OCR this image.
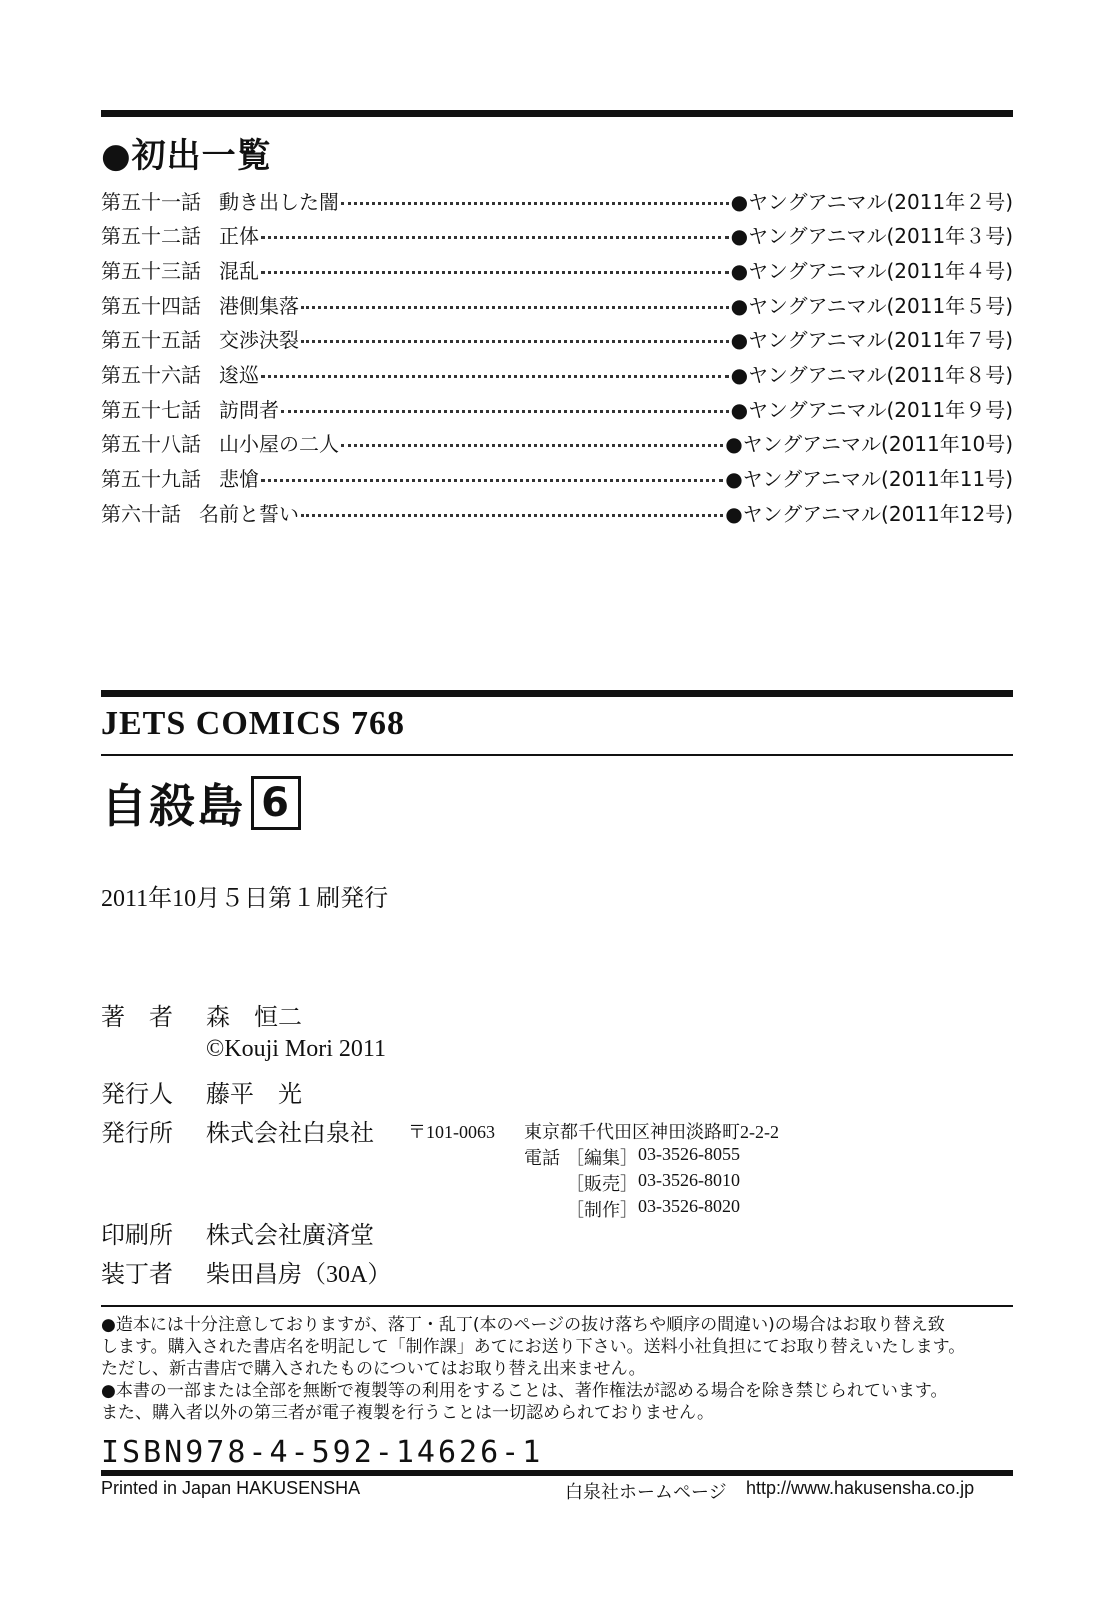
●初出一覧
第五十一話 動き出した闇	●ヤングアニマル(2011年２号)
第五十二話 正体	●ヤングアニマル(2011年３号)
第五十三話 混乱	●ヤングアニマル(2011年４号)
第五十四話 港側集落	●ヤングアニマル(2011年５号)
第五十五話 交渉決裂	●ヤングアニマル(2011年７号)
第五十六話 逡巡	●ヤングアニマル(2011年８号)
第五十七話 訪問者	●ヤングアニマル(2011年９号)
第五十八話 山小屋の二人	●ヤングアニマル(2011年10号)
第五十九話 悲愴	●ヤングアニマル(2011年11号)
第六十話 名前と誓い	●ヤングアニマル(2011年12号)
JETS COMICS 768
自殺島 6
2011年10月５日第１刷発行
著　者 森　恒二
©Kouji Mori 2011
発行人 藤平　光
発行所 株式会社白泉社 〒101-0063 東京都千代田区神田淡路町2-2-2
電話 ［編集］ 03-3526-8055
［販売］ 03-3526-8010
［制作］ 03-3526-8020
印刷所 株式会社廣済堂
装丁者 柴田昌房（30A）
●造本には十分注意しておりますが、落丁・乱丁(本のページの抜け落ちや順序の間違い)の場合はお取り替え致
します。購入された書店名を明記して「制作課」あてにお送り下さい。送料小社負担にてお取り替えいたします。
ただし、新古書店で購入されたものについてはお取り替え出来ません。
●本書の一部または全部を無断で複製等の利用をすることは、著作権法が認める場合を除き禁じられています。
また、購入者以外の第三者が電子複製を行うことは一切認められておりません。
ISBN978-4-592-14626-1
Printed in Japan HAKUSENSHA	白泉社ホームページ http://www.hakusensha.co.jp
